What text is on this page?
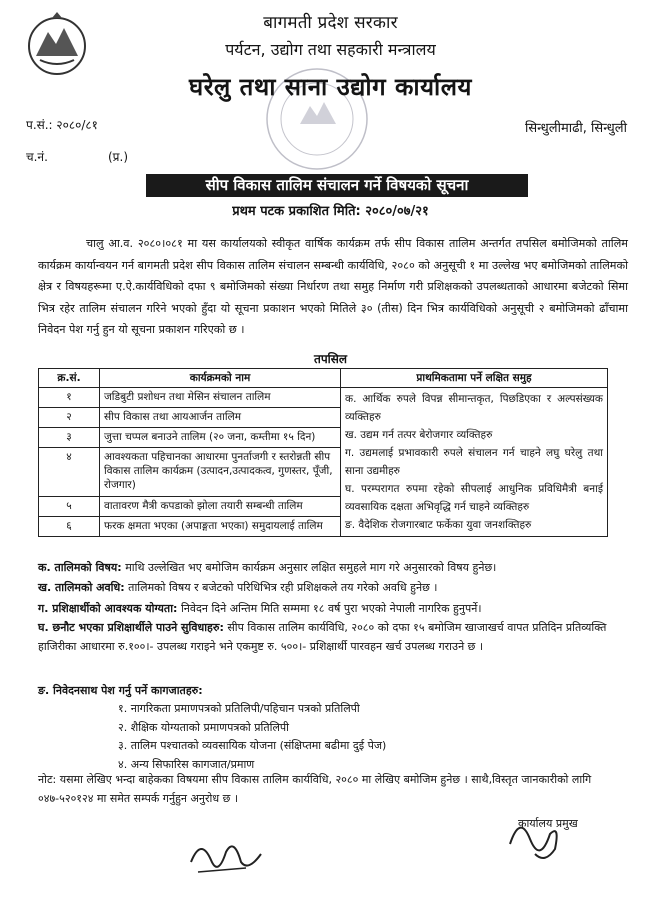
बागमती प्रदेश सरकार
पर्यटन, उद्योग तथा सहकारी मन्त्रालय
घरेलु तथा साना उद्योग कार्यालय
प.सं.: २०८०/८१	सिन्धुलीमाढी, सिन्धुली
च.नं.	(प्र.)
सीप विकास तालिम संचालन गर्ने विषयको सूचना
प्रथम पटक प्रकाशित मिति: २०८०/०७/२१
चालु आ.व. २०८०।०८१ मा यस कार्यालयको स्वीकृत वार्षिक कार्यक्रम तर्फ सीप विकास तालिम अन्तर्गत तपसिल बमोजिमको तालिम कार्यक्रम कार्यान्वयन गर्न बागमती प्रदेश सीप विकास तालिम संचालन सम्बन्धी कार्यविधि, २०८० को अनुसूची १ मा उल्लेख भए बमोजिमको तालिमको क्षेत्र र विषयहरूमा ए.ऐ.कार्यविधिको दफा ९ बमोजिमको संख्या निर्धारण तथा समुह निर्माण गरी प्रशिक्षकको उपलब्धताको आधारमा बजेटको सिमा भित्र रहेर तालिम संचालन गरिने भएको हुँदा यो सूचना प्रकाशन भएको मितिले ३० (तीस) दिन भित्र कार्यविधिको अनुसूची २ बमोजिमको ढाँचामा निवेदन पेश गर्नु हुन यो सूचना प्रकाशन गरिएको छ ।
तपसिल
क्र.सं.	कार्यक्रमको नाम	प्राथमिकतामा पर्ने लक्षित समुह
१	जडिबुटी प्रशोधन तथा मेसिन संचालन तालिम	क. आर्थिक रुपले विपन्न सीमान्तकृत, पिछडिएका र अल्पसंख्यक व्यक्तिहरु
ख. उद्यम गर्न तत्पर बेरोजगार व्यक्तिहरु
ग. उद्यमलाई प्रभावकारी रुपले संचालन गर्न चाहने लघु घरेलु तथा साना उद्यमीहरु
घ. परम्परागत रुपमा रहेको सीपलाई आधुनिक प्रविधिमैत्री बनाई व्यवसायिक दक्षता अभिवृद्धि गर्न चाहने व्यक्तिहरु
ङ. वैदेशिक रोजगारबाट फर्केका युवा जनशक्तिहरु

२	सीप विकास तथा आयआर्जन तालिम	
३	जुत्ता चप्पल बनाउने तालिम (२० जना, कम्तीमा १५ दिन)	
४	आवश्यकता पहिचानका आधारमा पुनर्ताजगी र स्तरोन्नती सीप विकास तालिम कार्यक्रम (उत्पादन,उत्पादकत्व, गुणस्तर, पूँजी, रोजगार)	
५	वातावरण मैत्री कपडाको झोला तयारी सम्बन्धी तालिम	
६	फरक क्षमता भएका (अपाङ्गता भएका) समुदायलाई तालिम	
क. तालिमको विषय: माथि उल्लेखित भए बमोजिम कार्यक्रम अनुसार लक्षित समुहले माग गरे अनुसारको विषय हुनेछ।
ख. तालिमको अवधि: तालिमको विषय र बजेटको परिधिभित्र रही प्रशिक्षकले तय गरेको अवधि हुनेछ ।
ग. प्रशिक्षार्थीको आवश्यक योग्यता: निवेदन दिने अन्तिम मिति सम्ममा १८ वर्ष पुरा भएको नेपाली नागरिक हुनुपर्ने।
घ. छनौट भएका प्रशिक्षार्थीले पाउने सुविधाहरु: सीप विकास तालिम कार्यविधि, २०८० को दफा १५ बमोजिम खाजाखर्च वापत प्रतिदिन प्रतिव्यक्ति हाजिरीका आधारमा रु.१००।- उपलब्ध गराइने भने एकमुष्ट रु. ५००।- प्रशिक्षार्थी पारवहन खर्च उपलब्ध गराउने छ ।
ङ. निवेदनसाथ पेश गर्नु पर्ने कागजातहरु:
१. नागरिकता प्रमाणपत्रको प्रतिलिपी/पहिचान पत्रको प्रतिलिपी
२. शैक्षिक योग्यताको प्रमाणपत्रको प्रतिलिपी
३. तालिम पश्चातको व्यवसायिक योजना (संक्षिप्तमा बढीमा दुई पेज)
४. अन्य सिफारिस कागजात/प्रमाण
नोट: यसमा लेखिए भन्दा बाहेकका विषयमा सीप विकास तालिम कार्यविधि, २०८० मा लेखिए बमोजिम हुनेछ । साथै,विस्तृत जानकारीको लागि ०४७-५२०१२४ मा समेत सम्पर्क गर्नुहुन अनुरोध छ ।
कार्यालय प्रमुख
